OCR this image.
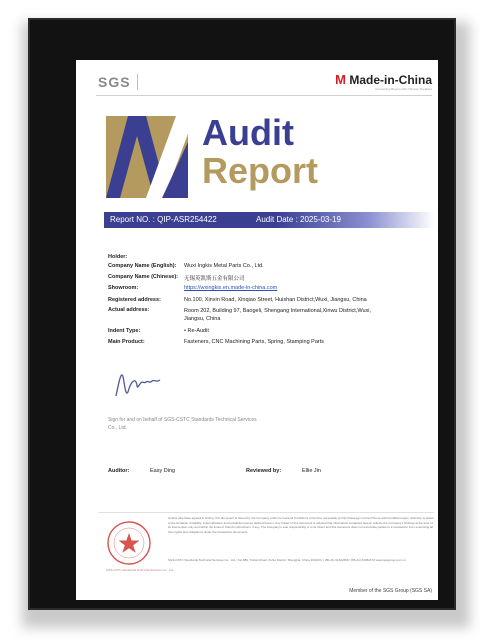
SGS	M Made-in-China
Connecting Buyers with Chinese Suppliers
Audit
Report
Report NO. : QIP-ASR254422	Audit Date : 2025-03-19
Holder:
Company Name (English): Wuxi Ingkis Metal Parts Co., Ltd.
Company Name (Chinese): 无锡英凯斯五金有限公司
Showroom:	https://wxingkis.en.made-in-china.com
Registered address:	No.100, Xinxin Road, Xinqiao Street, Huishan District,Wuxi, Jiangsu, China
Actual address:	Room 202, Building 97, Baogeli, Shengang International,Xinwu District,Wuxi, Jiangsu, China
Indent Type:	• Re-Audit
Main Product:	Fasteners, CNC Machining Parts, Spring, Stamping Parts
Sign for and on behalf of SGS-CSTC Standards Technical Services Co., Ltd.
Auditor:	Easy Ding	Reviewed by:	Ellie Jin
Unless otherwise agreed in writing, this document is issued by the Company under its General Conditions of Service accessible at http://www.sgs.com/en/Terms-and-Conditions.aspx. Attention is drawn to the limitation of liability, indemnification and jurisdiction issues defined therein. Any holder of this document is advised that information contained hereon reflects the Company's findings at the time of its intervention only and within the limits of Client's instructions, if any. The Company's sole responsibility is to its Client and this document does not exonerate parties to a transaction from exercising all their rights and obligations under the transaction documents.
SGS-CSTC Standards Technical Services Co., Ltd. | No.889, Yishan Road, Xuhui District, Shanghai, China 200233 | t (86-21) 61402666 f (86-21) 64952172 www.sgsgroup.com.cn
SGS-CSTC Standards Technical Services Co., Ltd.
Member of the SGS Group (SGS SA)
